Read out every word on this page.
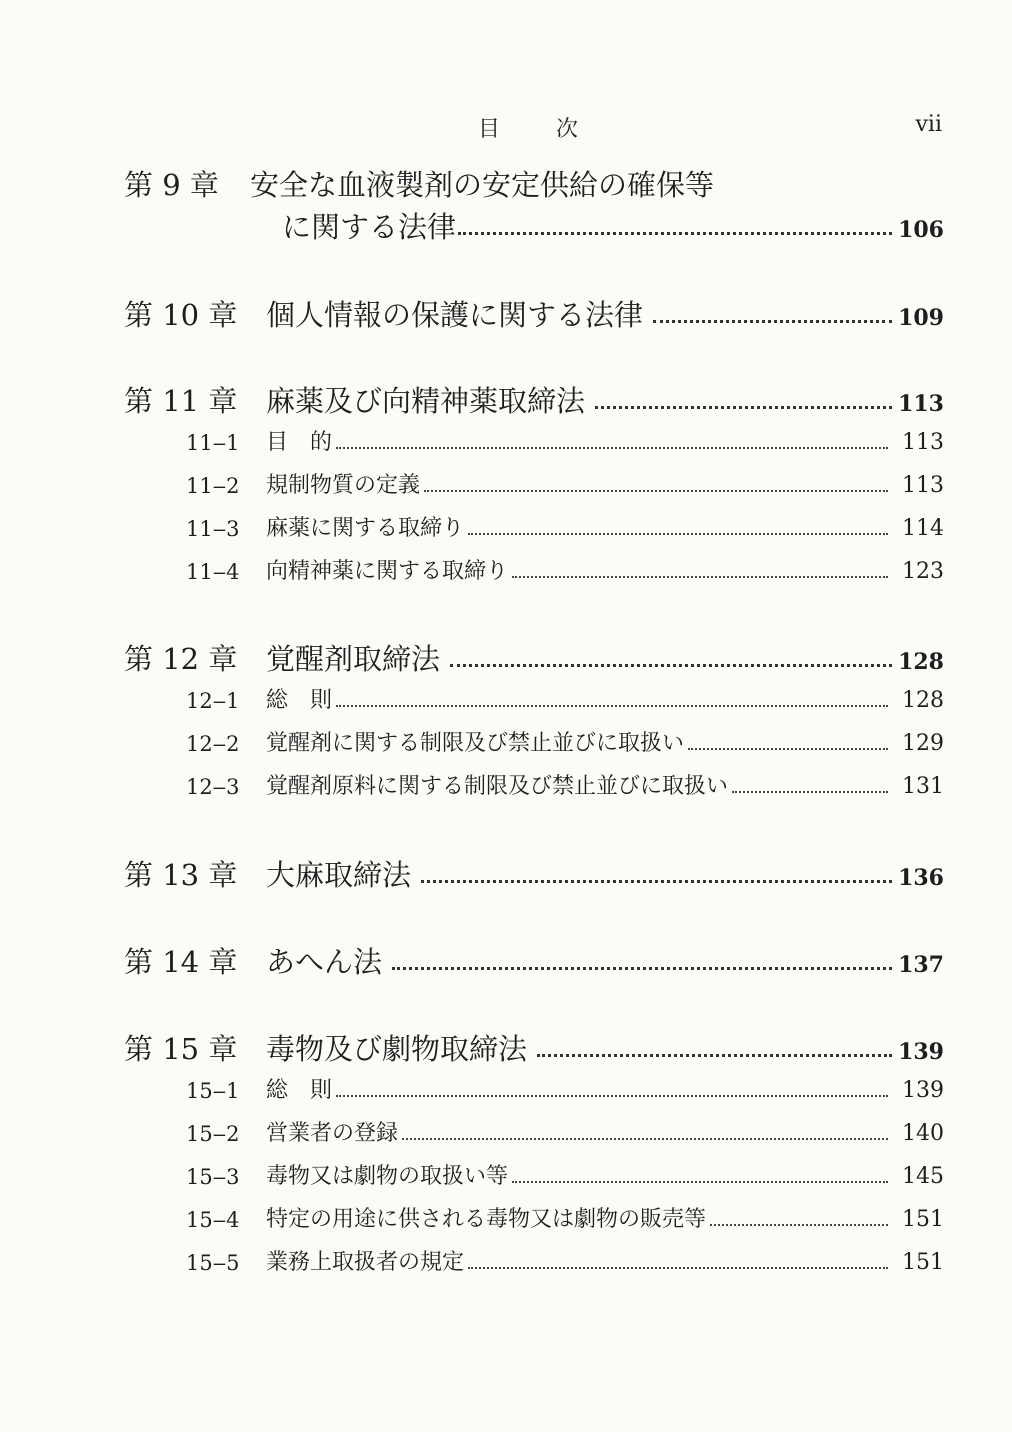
目次	vii
第 9 章 安全な血液製剤の安定供給の確保等
に関する法律	106
第 10 章 個人情報の保護に関する法律	109
第 11 章 麻薬及び向精神薬取締法	113
11‒1 目　的	113
11‒2 規制物質の定義	113
11‒3 麻薬に関する取締り	114
11‒4 向精神薬に関する取締り	123
第 12 章 覚醒剤取締法	128
12‒1 総　則	128
12‒2 覚醒剤に関する制限及び禁止並びに取扱い	129
12‒3 覚醒剤原料に関する制限及び禁止並びに取扱い	131
第 13 章 大麻取締法	136
第 14 章 あへん法	137
第 15 章 毒物及び劇物取締法	139
15‒1 総　則	139
15‒2 営業者の登録	140
15‒3 毒物又は劇物の取扱い等	145
15‒4 特定の用途に供される毒物又は劇物の販売等	151
15‒5 業務上取扱者の規定	151
